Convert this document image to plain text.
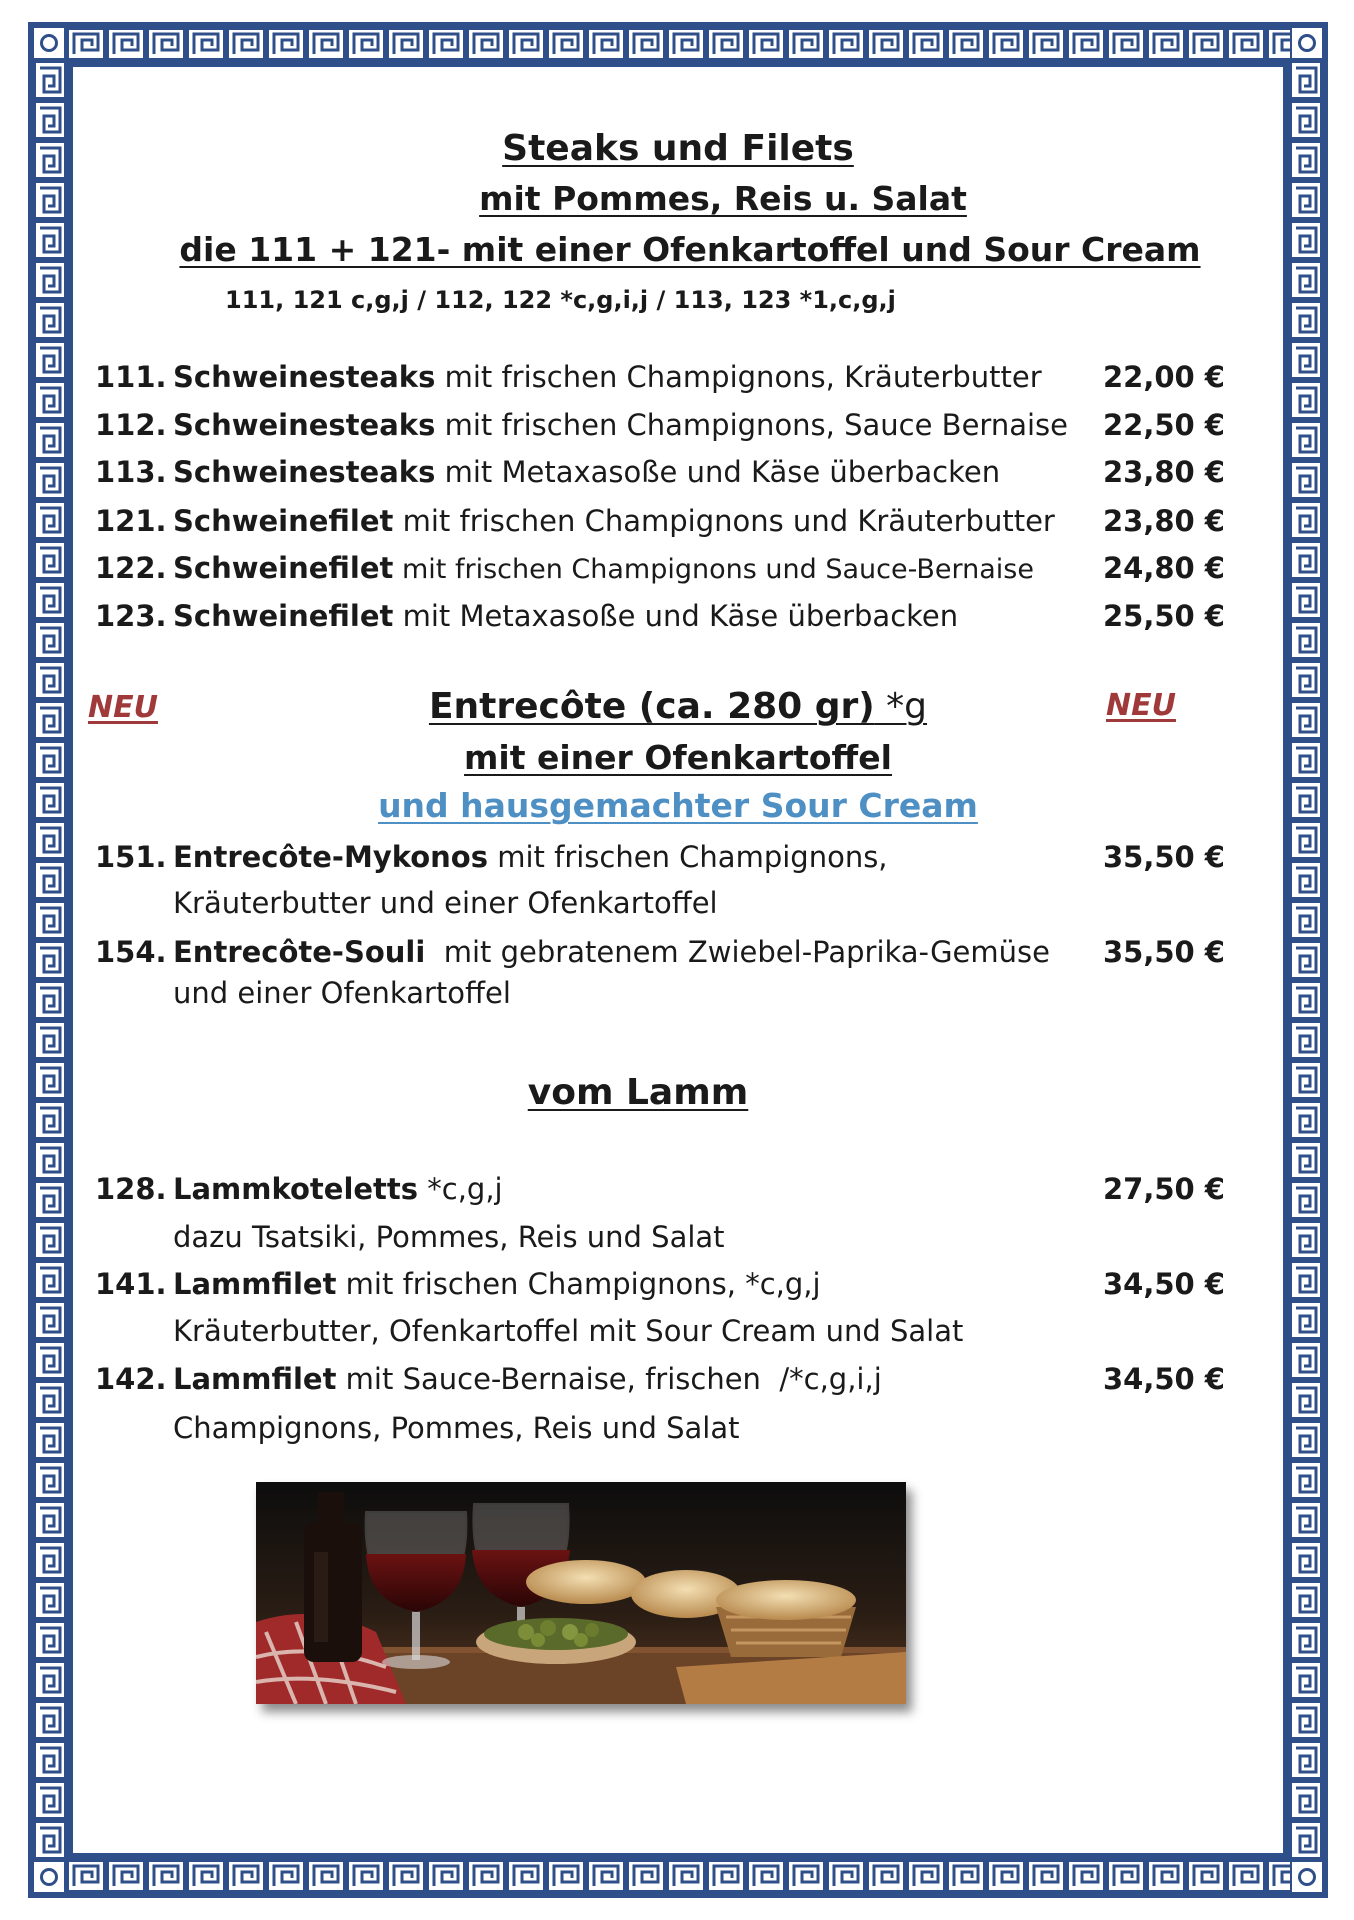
Steaks und Filets
mit Pommes, Reis u. Salat
die 111 + 121- mit einer Ofenkartoffel und Sour Cream
111, 121 c,g,j / 112, 122 *c,g,i,j / 113, 123 *1,c,g,j
111. Schweinesteaks mit frischen Champignons, Kräuterbutter 22,00 €
112. Schweinesteaks mit frischen Champignons, Sauce Bernaise 22,50 €
113. Schweinesteaks mit Metaxasoße und Käse überbacken	23,80 €
121. Schweinefilet mit frischen Champignons und Kräuterbutter 23,80 €
122. Schweinefilet mit frischen Champignons und Sauce-Bernaise 24,80 €
123. Schweinefilet mit Metaxasoße und Käse überbacken	25,50 €
NEU	NEU
Entrecôte (ca. 280 gr) *g
mit einer Ofenkartoffel
und hausgemachter Sour Cream
151. Entrecôte-Mykonos mit frischen Champignons,	35,50 €
Kräuterbutter und einer Ofenkartoffel
154. Entrecôte-Souli  mit gebratenem Zwiebel-Paprika-Gemüse 35,50 €
und einer Ofenkartoffel
vom Lamm
128. Lammkoteletts *c,g,j	27,50 €
dazu Tsatsiki, Pommes, Reis und Salat
141. Lammfilet mit frischen Champignons, *c,g,j	34,50 €
Kräuterbutter, Ofenkartoffel mit Sour Cream und Salat
142. Lammfilet mit Sauce-Bernaise, frischen  /*c,g,i,j	34,50 €
Champignons, Pommes, Reis und Salat
